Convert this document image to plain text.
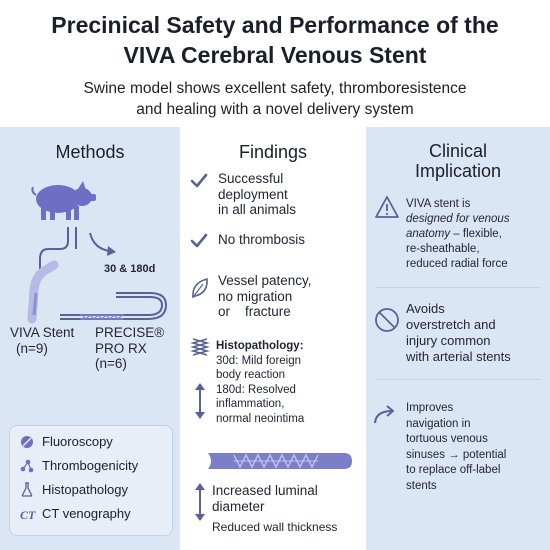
Precinical Safety and Performance of the
VIVA Cerebral Venous Stent
Swine model shows excellent safety, thromboresistence
and healing with a novel delivery system
Methods
30 & 180d
VIVA Stent
(n=9)
PRECISE®
PRO RX
(n=6)
Fluoroscopy
Thrombogenicity
Histopathology
CT CT venography
Findings
Successful
deployment
in all animals
No thrombosis
Vessel patency,
no migration
or    fracture
Histopathology:
30d: Mild foreign
body reaction
180d: Resolved
inflammation,
normal neointima
Increased luminal
diameter
Reduced wall thickness
Clinical
Implication
VIVA stent is
designed for venous
anatomy – flexible,
re-sheathable,
reduced radial force
Avoids
overstretch and
injury common
with arterial stents
Improves
navigation in
tortuous venous
sinuses → potential
to replace off-label
stents
